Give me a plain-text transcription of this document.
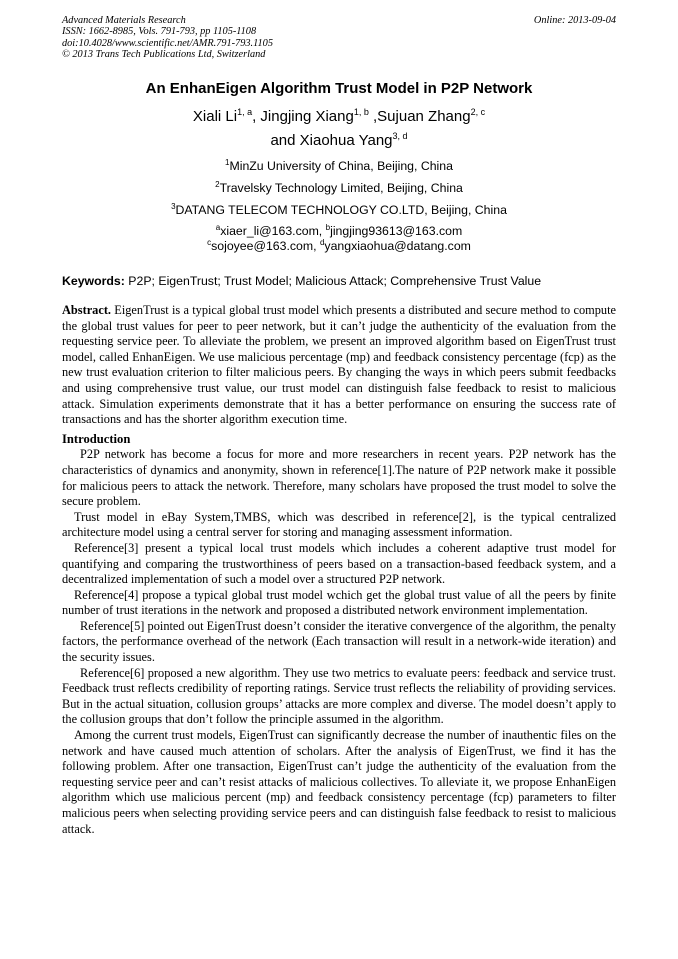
Advanced Materials Research
ISSN: 1662-8985, Vols. 791-793, pp 1105-1108
doi:10.4028/www.scientific.net/AMR.791-793.1105
© 2013 Trans Tech Publications Ltd, Switzerland
Online: 2013-09-04
An EnhanEigen Algorithm Trust Model in P2P Network
Xiali Li$^{1, a}$, Jingjing Xiang$^{1, b}$ ,Sujuan Zhang$^{2, c}$
and Xiaohua Yang$^{3, d}$
$^1$MinZu University of China, Beijing, China
$^2$Travelsky Technology Limited, Beijing, China
$^3$DATANG TELECOM TECHNOLOGY CO.LTD, Beijing, China
$^a$xiaer_li@163.com, $^b$jingjing93613@163.com
$^c$sojoyee@163.com, $^d$yangxiaohua@datang.com
Keywords: P2P; EigenTrust; Trust Model; Malicious Attack; Comprehensive Trust Value

Abstract. EigenTrust is a typical global trust model which presents a distributed and secure method to compute the global trust values for peer to peer network, but it can’t judge the authenticity of the evaluation from the requesting service peer. To alleviate the problem, we present an improved algorithm based on EigenTrust trust model, called EnhanEigen. We use malicious percentage (mp) and feedback consistency percentage (fcp) as the new trust evaluation criterion to filter malicious peers. By changing the ways in which peers submit feedbacks and using comprehensive trust value, our trust model can distinguish false feedback to resist to malicious attack. Simulation experiments demonstrate that it has a better performance on ensuring the success rate of transactions and has the shorter algorithm execution time.

Introduction

P2P network has become a focus for more and more researchers in recent years. P2P network has the characteristics of dynamics and anonymity, shown in reference[1].The nature of P2P network make it possible for malicious peers to attack the network. Therefore, many scholars have proposed the trust model to solve the secure problem.

Trust model in eBay System,TMBS, which was described in reference[2], is the typical centralized architecture model using a central server for storing and managing assessment information.

Reference[3] present a typical local trust models which includes a coherent adaptive trust model for quantifying and comparing the trustworthiness of peers based on a transaction-based feedback system, and a decentralized implementation of such a model over a structured P2P network.

Reference[4] propose a typical global trust model wchich get the global trust value of all the peers by finite number of trust iterations in the network and proposed a distributed network environment implementation.

Reference[5] pointed out EigenTrust doesn’t consider the iterative convergence of the algorithm, the penalty factors, the performance overhead of the network (Each transaction will result in a network-wide iteration) and the security issues.

Reference[6] proposed a new algorithm. They use two metrics to evaluate peers: feedback and service trust. Feedback trust reflects credibility of reporting ratings. Service trust reflects the reliability of providing services. But in the actual situation, collusion groups’ attacks are more complex and diverse. The model doesn’t apply to the collusion groups that don’t follow the principle assumed in the algorithm.

Among the current trust models, EigenTrust can significantly decrease the number of inauthentic files on the network and have caused much attention of scholars. After the analysis of EigenTrust, we find it has the following problem. After one transaction, EigenTrust can’t judge the authenticity of the evaluation from the requesting service peer and can’t resist attacks of malicious collectives. To alleviate it, we propose EnhanEigen algorithm which use malicious percent (mp) and feedback consistency percentage (fcp) parameters to filter malicious peers when selecting providing service peers and can distinguish false feedback to resist to malicious attack.
